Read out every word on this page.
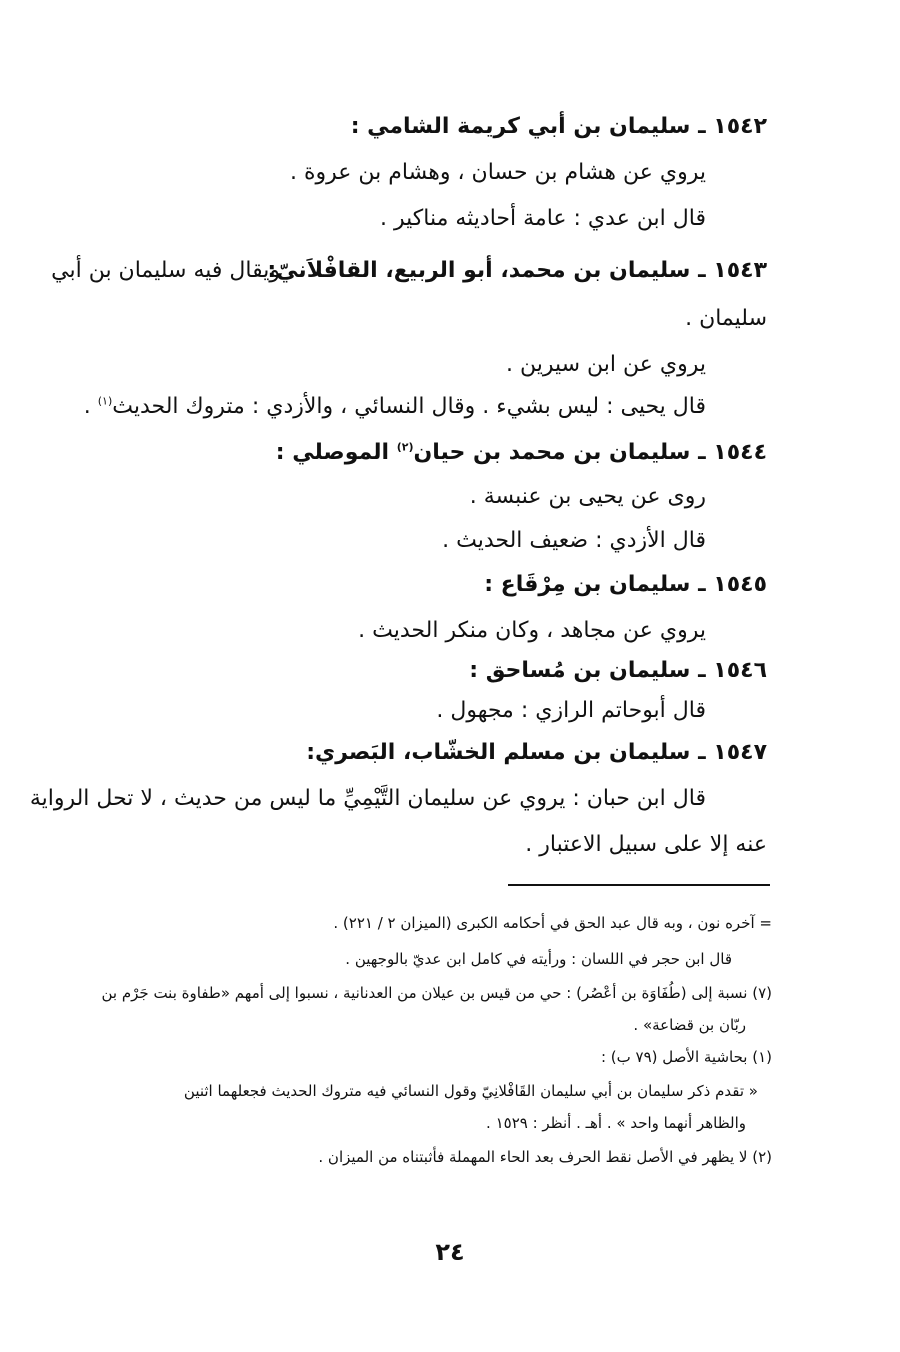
١٥٤٢ ـ سليمان بن أبي كريمة الشامي :
يروي عن هشام بن حسان ، وهشام بن عروة .
قال ابن عدي : عامة أحاديثه مناكير .
١٥٤٣ ـ سليمان بن محمد، أبو الربيع، القافْلاَنيّ:
ويقال فيه سليمان بن أبي
سليمان .
يروي عن ابن سيرين .
قال يحيى : ليس بشيء . وقال النسائي ، والأزدي : متروك الحديث$^{(١)}$ .
١٥٤٤ ـ سليمان بن محمد بن حيان$^{(٢)}$ الموصلي :
روى عن يحيى بن عنبسة .
قال الأزدي : ضعيف الحديث .
١٥٤٥ ـ سليمان بن مِرْقَاع :
يروي عن مجاهد ، وكان منكر الحديث .
١٥٤٦ ـ سليمان بن مُساحق :
قال أبوحاتم الرازي : مجهول .
١٥٤٧ ـ سليمان بن مسلم الخشّاب، البَصري:
قال ابن حبان : يروي عن سليمان التَّيْمِيِّ ما ليس من حديث ، لا تحل الرواية
عنه إلا على سبيل الاعتبار .
= آخره نون ، وبه قال عبد الحق في أحكامه الكبرى (الميزان ٢ / ٢٢١) .
قال ابن حجر في اللسان : ورأيته في كامل ابن عديّ بالوجهين .
(٧) نسبة إلى (طُفَاوَة بن أعْصُر) : حي من قيس بن عيلان من العدنانية ، نسبوا إلى أمهم «طفاوة بنت جَرْم بن
ربّان بن قضاعة» .
(١) بحاشية الأصل (٧٩ ب) :
« تقدم ذكر سليمان بن أبي سليمان القَافْلانِيّ وقول النسائي فيه متروك الحديث فجعلهما اثنين
والظاهر أنهما واحد » . أهـ . أنظر : ١٥٢٩ .
(٢) لا يظهر في الأصل نقط الحرف بعد الحاء المهملة فأثبتناه من الميزان .
٢٤
